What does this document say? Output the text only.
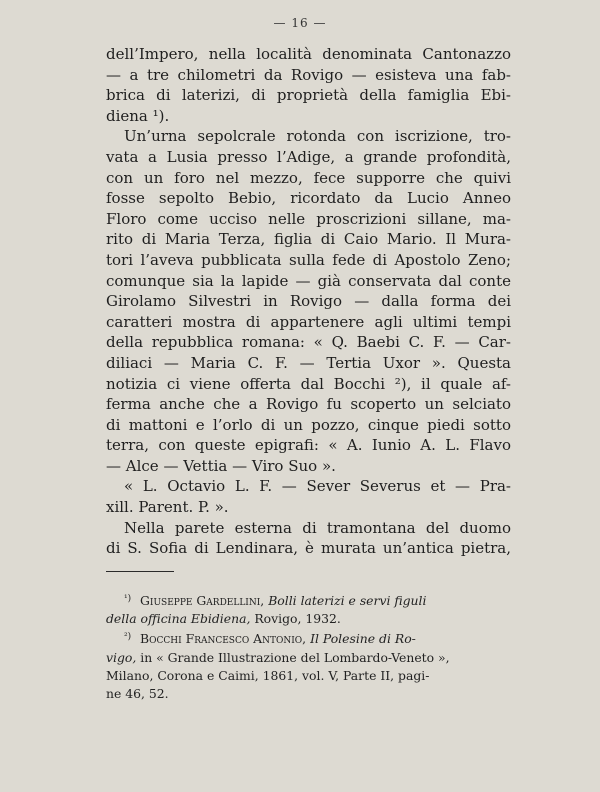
— 16 —
dell’Impero, nella località denominata Cantonazzo
— a tre chilometri da Rovigo — esisteva una fab-
brica di laterizi, di proprietà della famiglia Ebi-
diena ¹).
Un’urna sepolcrale rotonda con iscrizione, tro-
vata a Lusia presso l’Adige, a grande profondità,
con un foro nel mezzo, fece supporre che quivi
fosse sepolto Bebio, ricordato da Lucio Anneo
Floro come ucciso nelle proscrizioni sillane, ma-
rito di Maria Terza, figlia di Caio Mario. Il Mura-
tori l’aveva pubblicata sulla fede di Apostolo Zeno;
comunque sia la lapide — già conservata dal conte
Girolamo Silvestri in Rovigo — dalla forma dei
caratteri mostra di appartenere agli ultimi tempi
della repubblica romana: « Q. Baebi C. F. — Car-
diliaci — Maria C. F. — Tertia Uxor ». Questa
notizia ci viene offerta dal Bocchi ²), il quale af-
ferma anche che a Rovigo fu scoperto un selciato
di mattoni e l’orlo di un pozzo, cinque piedi sotto
terra, con queste epigrafi: « A. Iunio A. L. Flavo
— Alce — Vettia — Viro Suo ».
« L. Octavio L. F. — Sever Severus et — Pra-
xill. Parent. P. ».
Nella parete esterna di tramontana del duomo
di S. Sofia di Lendinara, è murata un’antica pietra,
¹) Giuseppe Gardellini, Bolli laterizi e servi figuli
della officina Ebidiena, Rovigo, 1932.
²) Bocchi Francesco Antonio, Il Polesine di Ro-
vigo, in « Grande Illustrazione del Lombardo-Veneto »,
Milano, Corona e Caimi, 1861, vol. V, Parte II, pagi-
ne 46, 52.
